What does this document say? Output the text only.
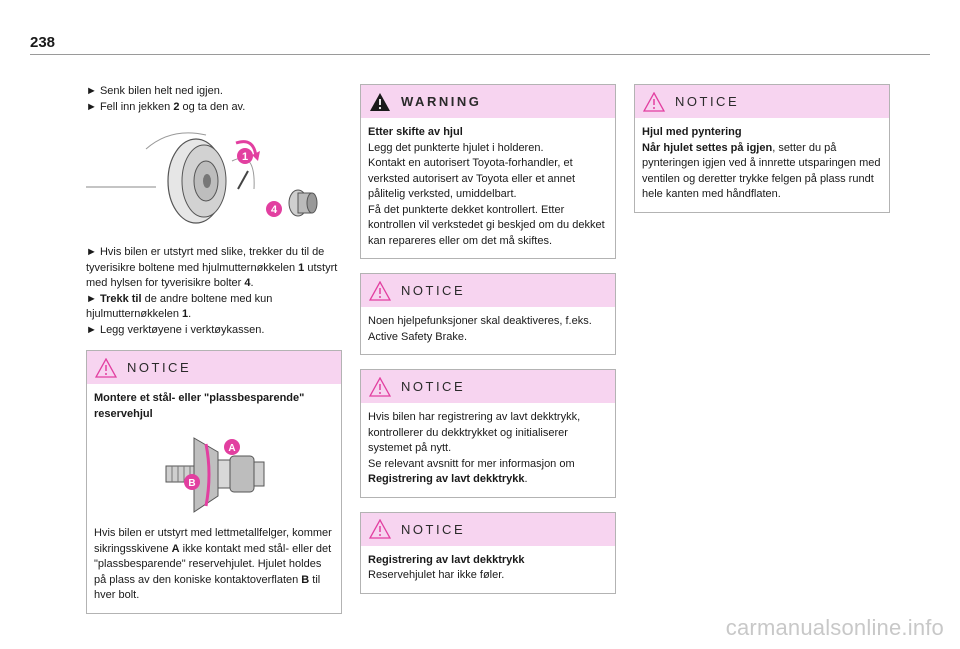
238

► Senk bilen helt ned igjen.

► Fell inn jekken 2 og ta den av.

1
4

► Hvis bilen er utstyrt med slike, trekker du til de tyverisikre boltene med hjulmutternøkkelen 1 utstyrt med hylsen for tyverisikre bolter 4.

► Trekk til de andre boltene med kun hjulmutternøkkelen 1.

► Legg verktøyene i verktøykassen.

NOTICE

Montere et stål- eller "plassbesparende" reservehjul

A
B

Hvis bilen er utstyrt med lettmetallfelger, kommer sikringsskivene A ikke kontakt med stål- eller det "plassbesparende" reservehjulet. Hjulet holdes på plass av den koniske kontaktoverflaten B til hver bolt.

WARNING

Etter skifte av hjul

Legg det punkterte hjulet i holderen.

Kontakt en autorisert Toyota-forhandler, et verksted autorisert av Toyota eller et annet pålitelig verksted, umiddelbart.

Få det punkterte dekket kontrollert. Etter kontrollen vil verkstedet gi beskjed om du dekket kan repareres eller om det må skiftes.

NOTICE

Noen hjelpefunksjoner skal deaktiveres, f.eks. Active Safety Brake.

NOTICE

Hvis bilen har registrering av lavt dekktrykk, kontrollerer du dekktrykket og initialiserer systemet på nytt.

Se relevant avsnitt for mer informasjon om Registrering av lavt dekktrykk.

NOTICE

Registrering av lavt dekktrykk

Reservehjulet har ikke føler.

NOTICE

Hjul med pyntering

Når hjulet settes på igjen, setter du på pynteringen igjen ved å innrette utsparingen med ventilen og deretter trykke felgen på plass rundt hele kanten med håndflaten.

carmanualsonline.info
